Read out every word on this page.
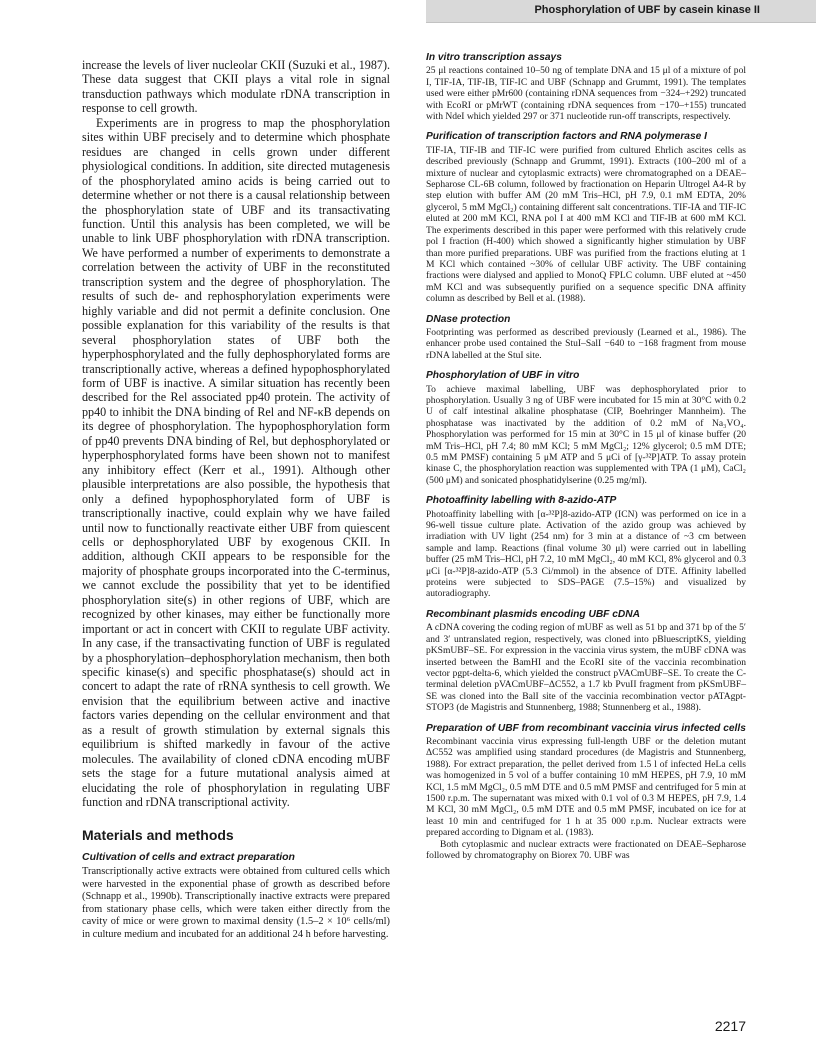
Phosphorylation of UBF by casein kinase II

increase the levels of liver nucleolar CKII (Suzuki et al., 1987). These data suggest that CKII plays a vital role in signal transduction pathways which modulate rDNA transcription in response to cell growth.

Experiments are in progress to map the phosphorylation sites within UBF precisely and to determine which phosphate residues are changed in cells grown under different physiological conditions. In addition, site directed mutagenesis of the phosphorylated amino acids is being carried out to determine whether or not there is a causal relationship between the phosphorylation state of UBF and its transactivating function. Until this analysis has been completed, we will be unable to link UBF phosphorylation with rDNA transcription. We have performed a number of experiments to demonstrate a correlation between the activity of UBF in the reconstituted transcription system and the degree of phosphorylation. The results of such de- and rephosphorylation experiments were highly variable and did not permit a definite conclusion. One possible explanation for this variability of the results is that several phosphorylation states of UBF both the hyperphosphorylated and the fully dephosphorylated forms are transcriptionally active, whereas a defined hypophosphorylated form of UBF is inactive. A similar situation has recently been described for the Rel associated pp40 protein. The activity of pp40 to inhibit the DNA binding of Rel and NF-κB depends on its degree of phosphorylation. The hypophosphorylation form of pp40 prevents DNA binding of Rel, but dephosphorylated or hyperphosphorylated forms have been shown not to manifest any inhibitory effect (Kerr et al., 1991). Although other plausible interpretations are also possible, the hypothesis that only a defined hypophosphorylated form of UBF is transcriptionally inactive, could explain why we have failed until now to functionally reactivate either UBF from quiescent cells or dephosphorylated UBF by exogenous CKII. In addition, although CKII appears to be responsible for the majority of phosphate groups incorporated into the C-terminus, we cannot exclude the possibility that yet to be identified phosphorylation site(s) in other regions of UBF, which are recognized by other kinases, may either be functionally more important or act in concert with CKII to regulate UBF activity. In any case, if the transactivating function of UBF is regulated by a phosphorylation–dephosphorylation mechanism, then both specific kinase(s) and specific phosphatase(s) should act in concert to adapt the rate of rRNA synthesis to cell growth. We envision that the equilibrium between active and inactive factors varies depending on the cellular environment and that as a result of growth stimulation by external signals this equilibrium is shifted markedly in favour of the active molecules. The availability of cloned cDNA encoding mUBF sets the stage for a future mutational analysis aimed at elucidating the role of phosphorylation in regulating UBF function and rDNA transcriptional activity.

Materials and methods
Cultivation of cells and extract preparation

Transcriptionally active extracts were obtained from cultured cells which were harvested in the exponential phase of growth as described before (Schnapp et al., 1990b). Transcriptionally inactive extracts were prepared from stationary phase cells, which were taken either directly from the cavity of mice or were grown to maximal density (1.5–2 × 10⁶ cells/ml) in culture medium and incubated for an additional 24 h before harvesting.

In vitro transcription assays

25 μl reactions contained 10–50 ng of template DNA and 15 μl of a mixture of pol I, TIF-IA, TIF-IB, TIF-IC and UBF (Schnapp and Grummt, 1991). The templates used were either pMr600 (containing rDNA sequences from −324–+292) truncated with EcoRI or pMrWT (containing rDNA sequences from −170–+155) truncated with NdeI which yielded 297 or 371 nucleotide run-off transcripts, respectively.

Purification of transcription factors and RNA polymerase I

TIF-IA, TIF-IB and TIF-IC were purified from cultured Ehrlich ascites cells as described previously (Schnapp and Grummt, 1991). Extracts (100–200 ml of a mixture of nuclear and cytoplasmic extracts) were chromatographed on a DEAE–Sepharose CL-6B column, followed by fractionation on Heparin Ultrogel A4-R by step elution with buffer AM (20 mM Tris–HCl, pH 7.9, 0.1 mM EDTA, 20% glycerol, 5 mM MgCl₂) containing different salt concentrations. TIF-IA and TIF-IC eluted at 200 mM KCl, RNA pol I at 400 mM KCl and TIF-IB at 600 mM KCl. The experiments described in this paper were performed with this relatively crude pol I fraction (H-400) which showed a significantly higher stimulation by UBF than more purified preparations. UBF was purified from the fractions eluting at 1 M KCl which contained ~30% of cellular UBF activity. The UBF containing fractions were dialysed and applied to MonoQ FPLC column. UBF eluted at ~450 mM KCl and was subsequently purified on a sequence specific DNA affinity column as described by Bell et al. (1988).

DNase protection

Footprinting was performed as described previously (Learned et al., 1986). The enhancer probe used contained the StuI–SalI −640 to −168 fragment from mouse rDNA labelled at the StuI site.

Phosphorylation of UBF in vitro

To achieve maximal labelling, UBF was dephosphorylated prior to phosphorylation. Usually 3 ng of UBF were incubated for 15 min at 30°C with 0.2 U of calf intestinal alkaline phosphatase (CIP, Boehringer Mannheim). The phosphatase was inactivated by the addition of 0.2 mM of Na₃VO₄. Phosphorylation was performed for 15 min at 30°C in 15 μl of kinase buffer (20 mM Tris–HCl, pH 7.4; 80 mM KCl; 5 mM MgCl₂; 12% glycerol; 0.5 mM DTE; 0.5 mM PMSF) containing 5 μM ATP and 5 μCi of [γ-³²P]ATP. To assay protein kinase C, the phosphorylation reaction was supplemented with TPA (1 μM), CaCl₂ (500 μM) and sonicated phosphatidylserine (0.25 mg/ml).

Photoaffinity labelling with 8-azido-ATP

Photoaffinity labelling with [α-³²P]8-azido-ATP (ICN) was performed on ice in a 96-well tissue culture plate. Activation of the azido group was achieved by irradiation with UV light (254 nm) for 3 min at a distance of ~3 cm between sample and lamp. Reactions (final volume 30 μl) were carried out in labelling buffer (25 mM Tris–HCl, pH 7.2, 10 mM MgCl₂, 40 mM KCl, 8% glycerol and 0.3 μCi [α-³²P]8-azido-ATP (5.3 Ci/mmol) in the absence of DTE. Affinity labelled proteins were subjected to SDS–PAGE (7.5–15%) and visualized by autoradiography.

Recombinant plasmids encoding UBF cDNA

A cDNA covering the coding region of mUBF as well as 51 bp and 371 bp of the 5′ and 3′ untranslated region, respectively, was cloned into pBluescriptKS, yielding pKSmUBF–SE. For expression in the vaccinia virus system, the mUBF cDNA was inserted between the BamHI and the EcoRI site of the vaccinia recombination vector pgpt-delta-6, which yielded the construct pVACmUBF–SE. To create the C-terminal deletion pVACmUBF–ΔC552, a 1.7 kb PvuII fragment from pKSmUBF–SE was cloned into the BalI site of the vaccinia recombination vector pATAgpt-STOP3 (de Magistris and Stunnenberg, 1988; Stunnenberg et al., 1988).

Preparation of UBF from recombinant vaccinia virus infected cells

Recombinant vaccinia virus expressing full-length UBF or the deletion mutant ΔC552 was amplified using standard procedures (de Magistris and Stunnenberg, 1988). For extract preparation, the pellet derived from 1.5 l of infected HeLa cells was homogenized in 5 vol of a buffer containing 10 mM HEPES, pH 7.9, 10 mM KCl, 1.5 mM MgCl₂, 0.5 mM DTE and 0.5 mM PMSF and centrifuged for 5 min at 1500 r.p.m. The supernatant was mixed with 0.1 vol of 0.3 M HEPES, pH 7.9, 1.4 M KCl, 30 mM MgCl₂, 0.5 mM DTE and 0.5 mM PMSF, incubated on ice for at least 10 min and centrifuged for 1 h at 35 000 r.p.m. Nuclear extracts were prepared according to Dignam et al. (1983).

Both cytoplasmic and nuclear extracts were fractionated on DEAE–Sepharose followed by chromatography on Biorex 70. UBF was

2217
